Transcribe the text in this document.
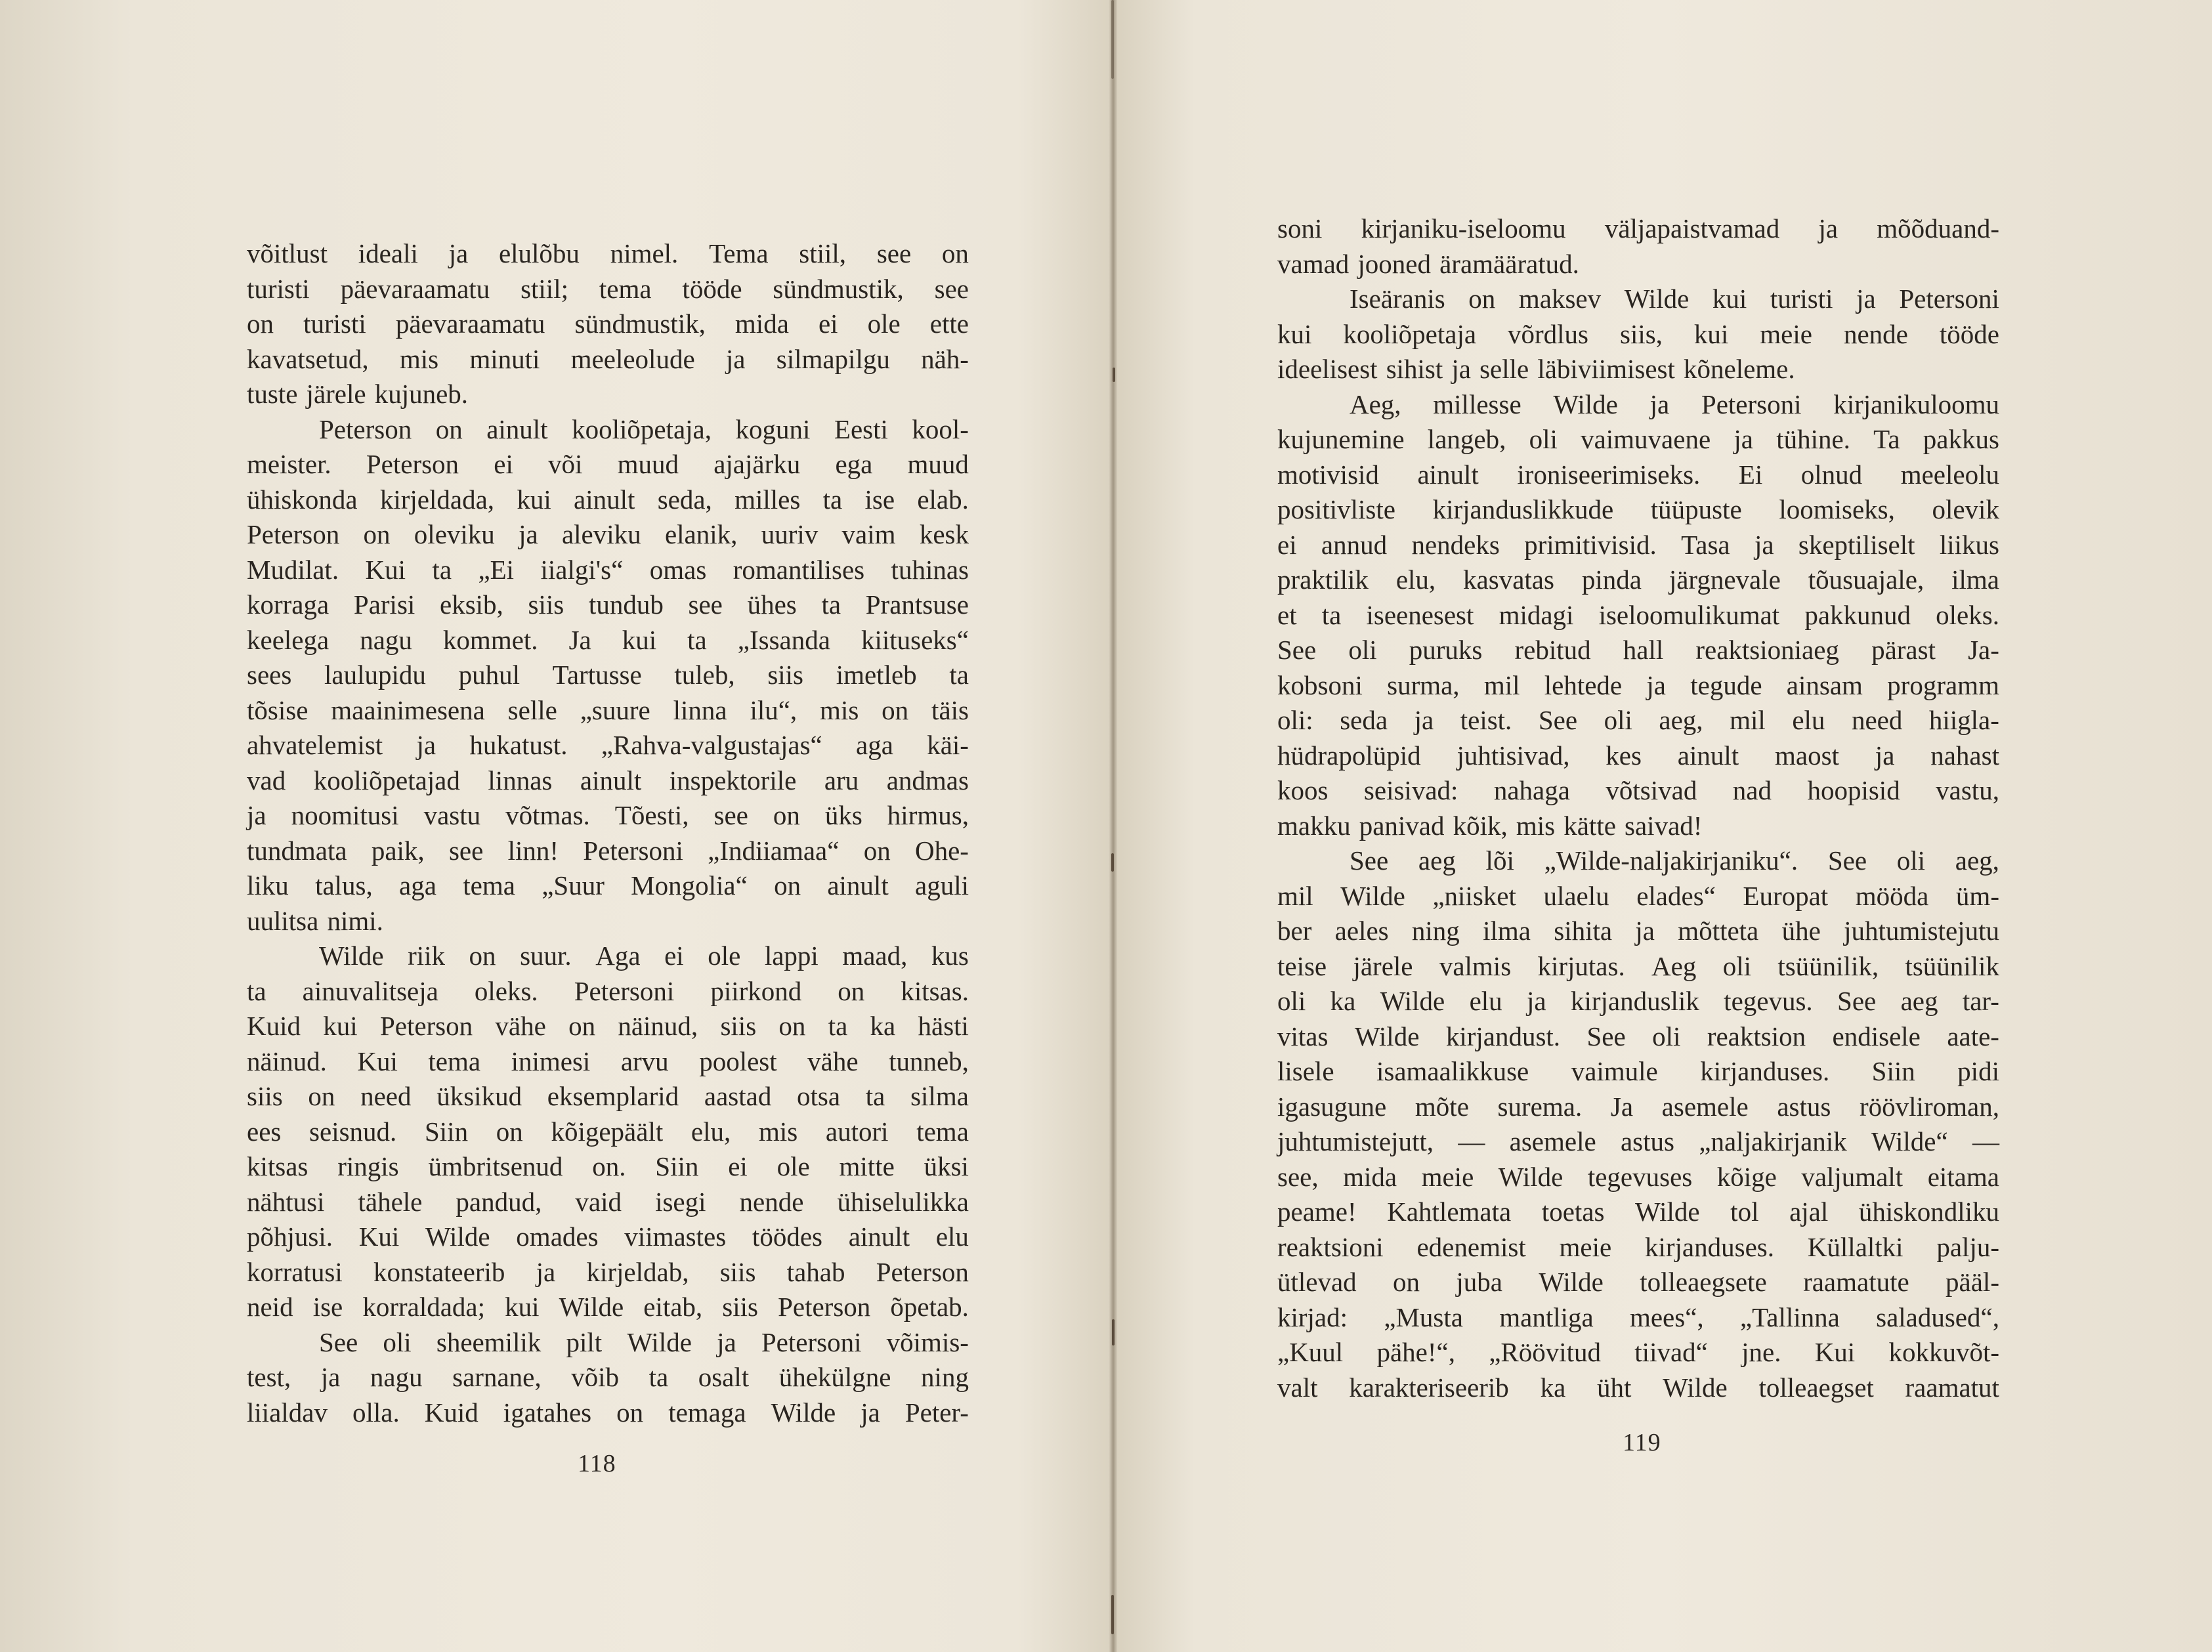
võitlust ideali ja elulõbu nimel. Tema stiil, see on
turisti päevaraamatu stiil; tema tööde sündmustik, see
on turisti päevaraamatu sündmustik, mida ei ole ette
kavatsetud, mis minuti meeleolude ja silmapilgu näh-
tuste järele kujuneb.
Peterson on ainult kooliõpetaja, koguni Eesti kool-
meister. Peterson ei või muud ajajärku ega muud
ühiskonda kirjeldada, kui ainult seda, milles ta ise elab.
Peterson on oleviku ja aleviku elanik, uuriv vaim kesk
Mudilat. Kui ta „Ei iialgi's“ omas romantilises tuhinas
korraga Parisi eksib, siis tundub see ühes ta Prantsuse
keelega nagu kommet. Ja kui ta „Issanda kiituseks“
sees laulupidu puhul Tartusse tuleb, siis imetleb ta
tõsise maainimesena selle „suure linna ilu“, mis on täis
ahvatelemist ja hukatust. „Rahva-valgustajas“ aga käi-
vad kooliõpetajad linnas ainult inspektorile aru andmas
ja noomitusi vastu võtmas. Tõesti, see on üks hirmus,
tundmata paik, see linn! Petersoni „Indiiamaa“ on Ohe-
liku talus, aga tema „Suur Mongolia“ on ainult aguli
uulitsa nimi.
Wilde riik on suur. Aga ei ole lappi maad, kus
ta ainuvalitseja oleks. Petersoni piirkond on kitsas.
Kuid kui Peterson vähe on näinud, siis on ta ka hästi
näinud. Kui tema inimesi arvu poolest vähe tunneb,
siis on need üksikud eksemplarid aastad otsa ta silma
ees seisnud. Siin on kõigepäält elu, mis autori tema
kitsas ringis ümbritsenud on. Siin ei ole mitte üksi
nähtusi tähele pandud, vaid isegi nende ühiselulikka
põhjusi. Kui Wilde omades viimastes töödes ainult elu
korratusi konstateerib ja kirjeldab, siis tahab Peterson
neid ise korraldada; kui Wilde eitab, siis Peterson õpetab.
See oli sheemilik pilt Wilde ja Petersoni võimis-
test, ja nagu sarnane, võib ta osalt ühekülgne ning
liialdav olla. Kuid igatahes on temaga Wilde ja Peter-
118
soni kirjaniku-iseloomu väljapaistvamad ja mõõduand-
vamad jooned äramääratud.
Iseäranis on maksev Wilde kui turisti ja Petersoni
kui kooliõpetaja võrdlus siis, kui meie nende tööde
ideelisest sihist ja selle läbiviimisest kõneleme.
Aeg, millesse Wilde ja Petersoni kirjanikuloomu
kujunemine langeb, oli vaimuvaene ja tühine. Ta pakkus
motivisid ainult ironiseerimiseks. Ei olnud meeleolu
positivliste kirjanduslikkude tüüpuste loomiseks, olevik
ei annud nendeks primitivisid. Tasa ja skeptiliselt liikus
praktilik elu, kasvatas pinda järgnevale tõusuajale, ilma
et ta iseenesest midagi iseloomulikumat pakkunud oleks.
See oli puruks rebitud hall reaktsioniaeg pärast Ja-
kobsoni surma, mil lehtede ja tegude ainsam programm
oli: seda ja teist. See oli aeg, mil elu need hiigla-
hüdrapolüpid juhtisivad, kes ainult maost ja nahast
koos seisivad: nahaga võtsivad nad hoopisid vastu,
makku panivad kõik, mis kätte saivad!
See aeg lõi „Wilde-naljakirjaniku“. See oli aeg,
mil Wilde „niisket ulaelu elades“ Europat mööda üm-
ber aeles ning ilma sihita ja mõtteta ühe juhtumistejutu
teise järele valmis kirjutas. Aeg oli tsüünilik, tsüünilik
oli ka Wilde elu ja kirjanduslik tegevus. See aeg tar-
vitas Wilde kirjandust. See oli reaktsion endisele aate-
lisele isamaalikkuse vaimule kirjanduses. Siin pidi
igasugune mõte surema. Ja asemele astus röövliroman,
juhtumistejutt, — asemele astus „naljakirjanik Wilde“ —
see, mida meie Wilde tegevuses kõige valjumalt eitama
peame! Kahtlemata toetas Wilde tol ajal ühiskondliku
reaktsioni edenemist meie kirjanduses. Küllaltki palju-
ütlevad on juba Wilde tolleaegsete raamatute pääl-
kirjad: „Musta mantliga mees“, „Tallinna saladused“,
„Kuul pähe!“, „Röövitud tiivad“ jne. Kui kokkuvõt-
valt karakteriseerib ka üht Wilde tolleaegset raamatut
119
